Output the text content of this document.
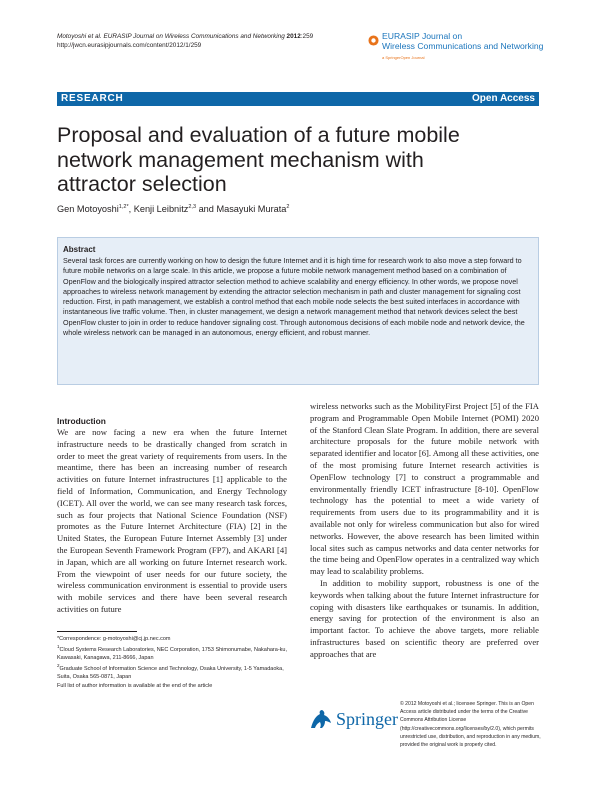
Motoyoshi et al. EURASIP Journal on Wireless Communications and Networking 2012:259
http://jwcn.eurasipjournals.com/content/2012/1/259
EURASIP Journal on
Wireless Communications and Networking
a SpringerOpen Journal
RESEARCH	Open Access
Proposal and evaluation of a future mobile network management mechanism with attractor selection
Gen Motoyoshi$^{1,2*}$, Kenji Leibnitz$^{2,3}$ and Masayuki Murata$^2$
Abstract
Several task forces are currently working on how to design the future Internet and it is high time for research work to also move a step forward to future mobile networks on a large scale. In this article, we propose a future mobile network management method based on a combination of OpenFlow and the biologically inspired attractor selection method to achieve scalability and energy efficiency. In other words, we propose novel approaches to wireless network management by extending the attractor selection mechanism in path and cluster management for signaling cost reduction. First, in path management, we establish a control method that each mobile node selects the best suited interfaces in accordance with instantaneous live traffic volume. Then, in cluster management, we design a network management method that network devices select the best OpenFlow cluster to join in order to reduce handover signaling cost. Through autonomous decisions of each mobile node and network device, the whole wireless network can be managed in an autonomous, energy efficient, and robust manner.
Introduction

We are now facing a new era when the future Internet infrastructure needs to be drastically changed from scratch in order to meet the great variety of requirements from users. In the meantime, there has been an increasing number of research activities on future Internet infrastructures [1] applicable to the field of Information, Communication, and Energy Technology (ICET). All over the world, we can see many research task forces, such as four projects that National Science Foundation (NSF) promotes as the Future Internet Architecture (FIA) [2] in the United States, the European Future Internet Assembly [3] under the European Seventh Framework Program (FP7), and AKARI [4] in Japan, which are all working on future Internet research work. From the viewpoint of user needs for our future society, the wireless communication environment is essential to provide users with mobile services and there have been several research activities on future

wireless networks such as the MobilityFirst Project [5] of the FIA program and Programmable Open Mobile Internet (POMI) 2020 of the Stanford Clean Slate Program. In addition, there are several architecture proposals for the future mobile network with separated identifier and locator [6]. Among all these activities, one of the most promising future Internet research activities is OpenFlow technology [7] to construct a programmable and environmentally friendly ICET infrastructure [8-10]. OpenFlow technology has the potential to meet a wide variety of requirements from users due to its programmability and it is available not only for wireless communication but also for wired networks. However, the above research has been limited within local sites such as campus networks and data center networks for the time being and OpenFlow operates in a centralized way which may lead to scalability problems.

In addition to mobility support, robustness is one of the keywords when talking about the future Internet infrastructure for coping with disasters like earthquakes or tsunamis. In addition, energy saving for protection of the environment is also an important factor. To achieve the above targets, more reliable infrastructures based on scientific theory are preferred over approaches that are

*Correspondence: g-motoyoshi@cj.jp.nec.com

$^1$Cloud Systems Research Laboratories, NEC Corporation, 1753 Shimonumabe, Nakahara-ku, Kawasaki, Kanagawa, 211-8666, Japan

$^2$Graduate School of Information Science and Technology, Osaka University, 1-5 Yamadaoka, Suita, Osaka 565-0871, Japan

Full list of author information is available at the end of the article

Springer
© 2012 Motoyoshi et al.; licensee Springer. This is an Open Access article distributed under the terms of the Creative Commons Attribution License (http://creativecommons.org/licenses/by/2.0), which permits unrestricted use, distribution, and reproduction in any medium, provided the original work is properly cited.
